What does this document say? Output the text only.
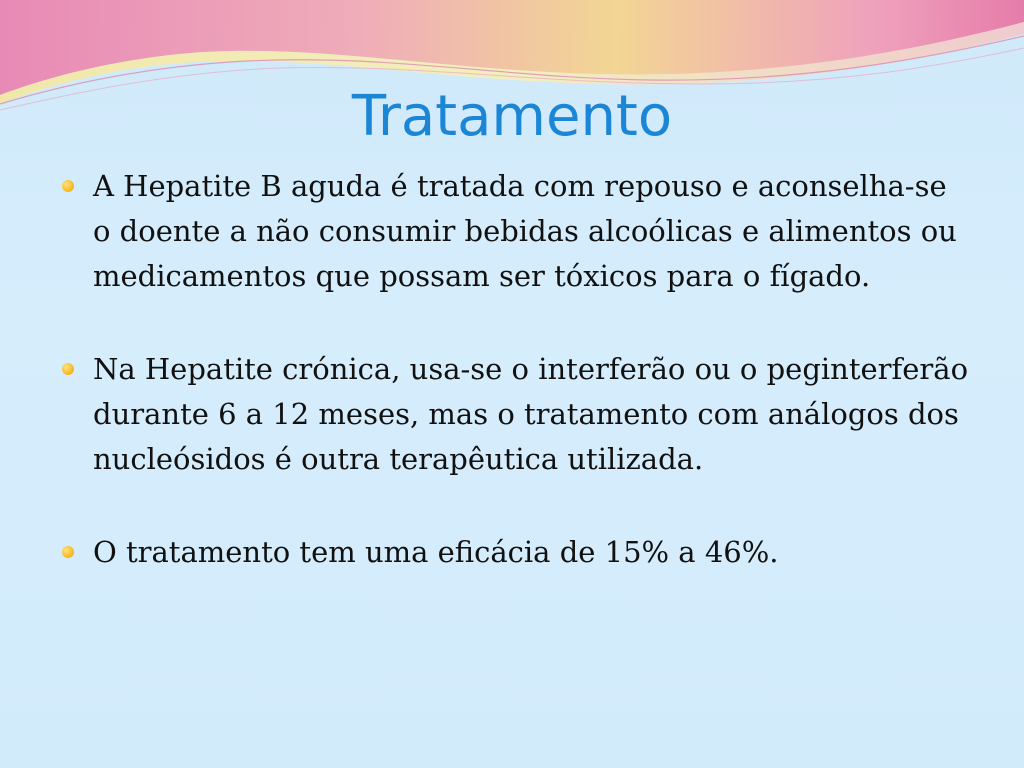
Tratamento
A Hepatite B aguda é tratada com repouso e aconselha-se o doente a não consumir bebidas alcoólicas e alimentos ou medicamentos que possam ser tóxicos para o fígado.
Na Hepatite crónica, usa-se o interferão ou o peginterferão durante 6 a 12 meses, mas o tratamento com análogos dos nucleósidos é outra terapêutica utilizada.
O tratamento tem uma eficácia de 15% a 46%.
